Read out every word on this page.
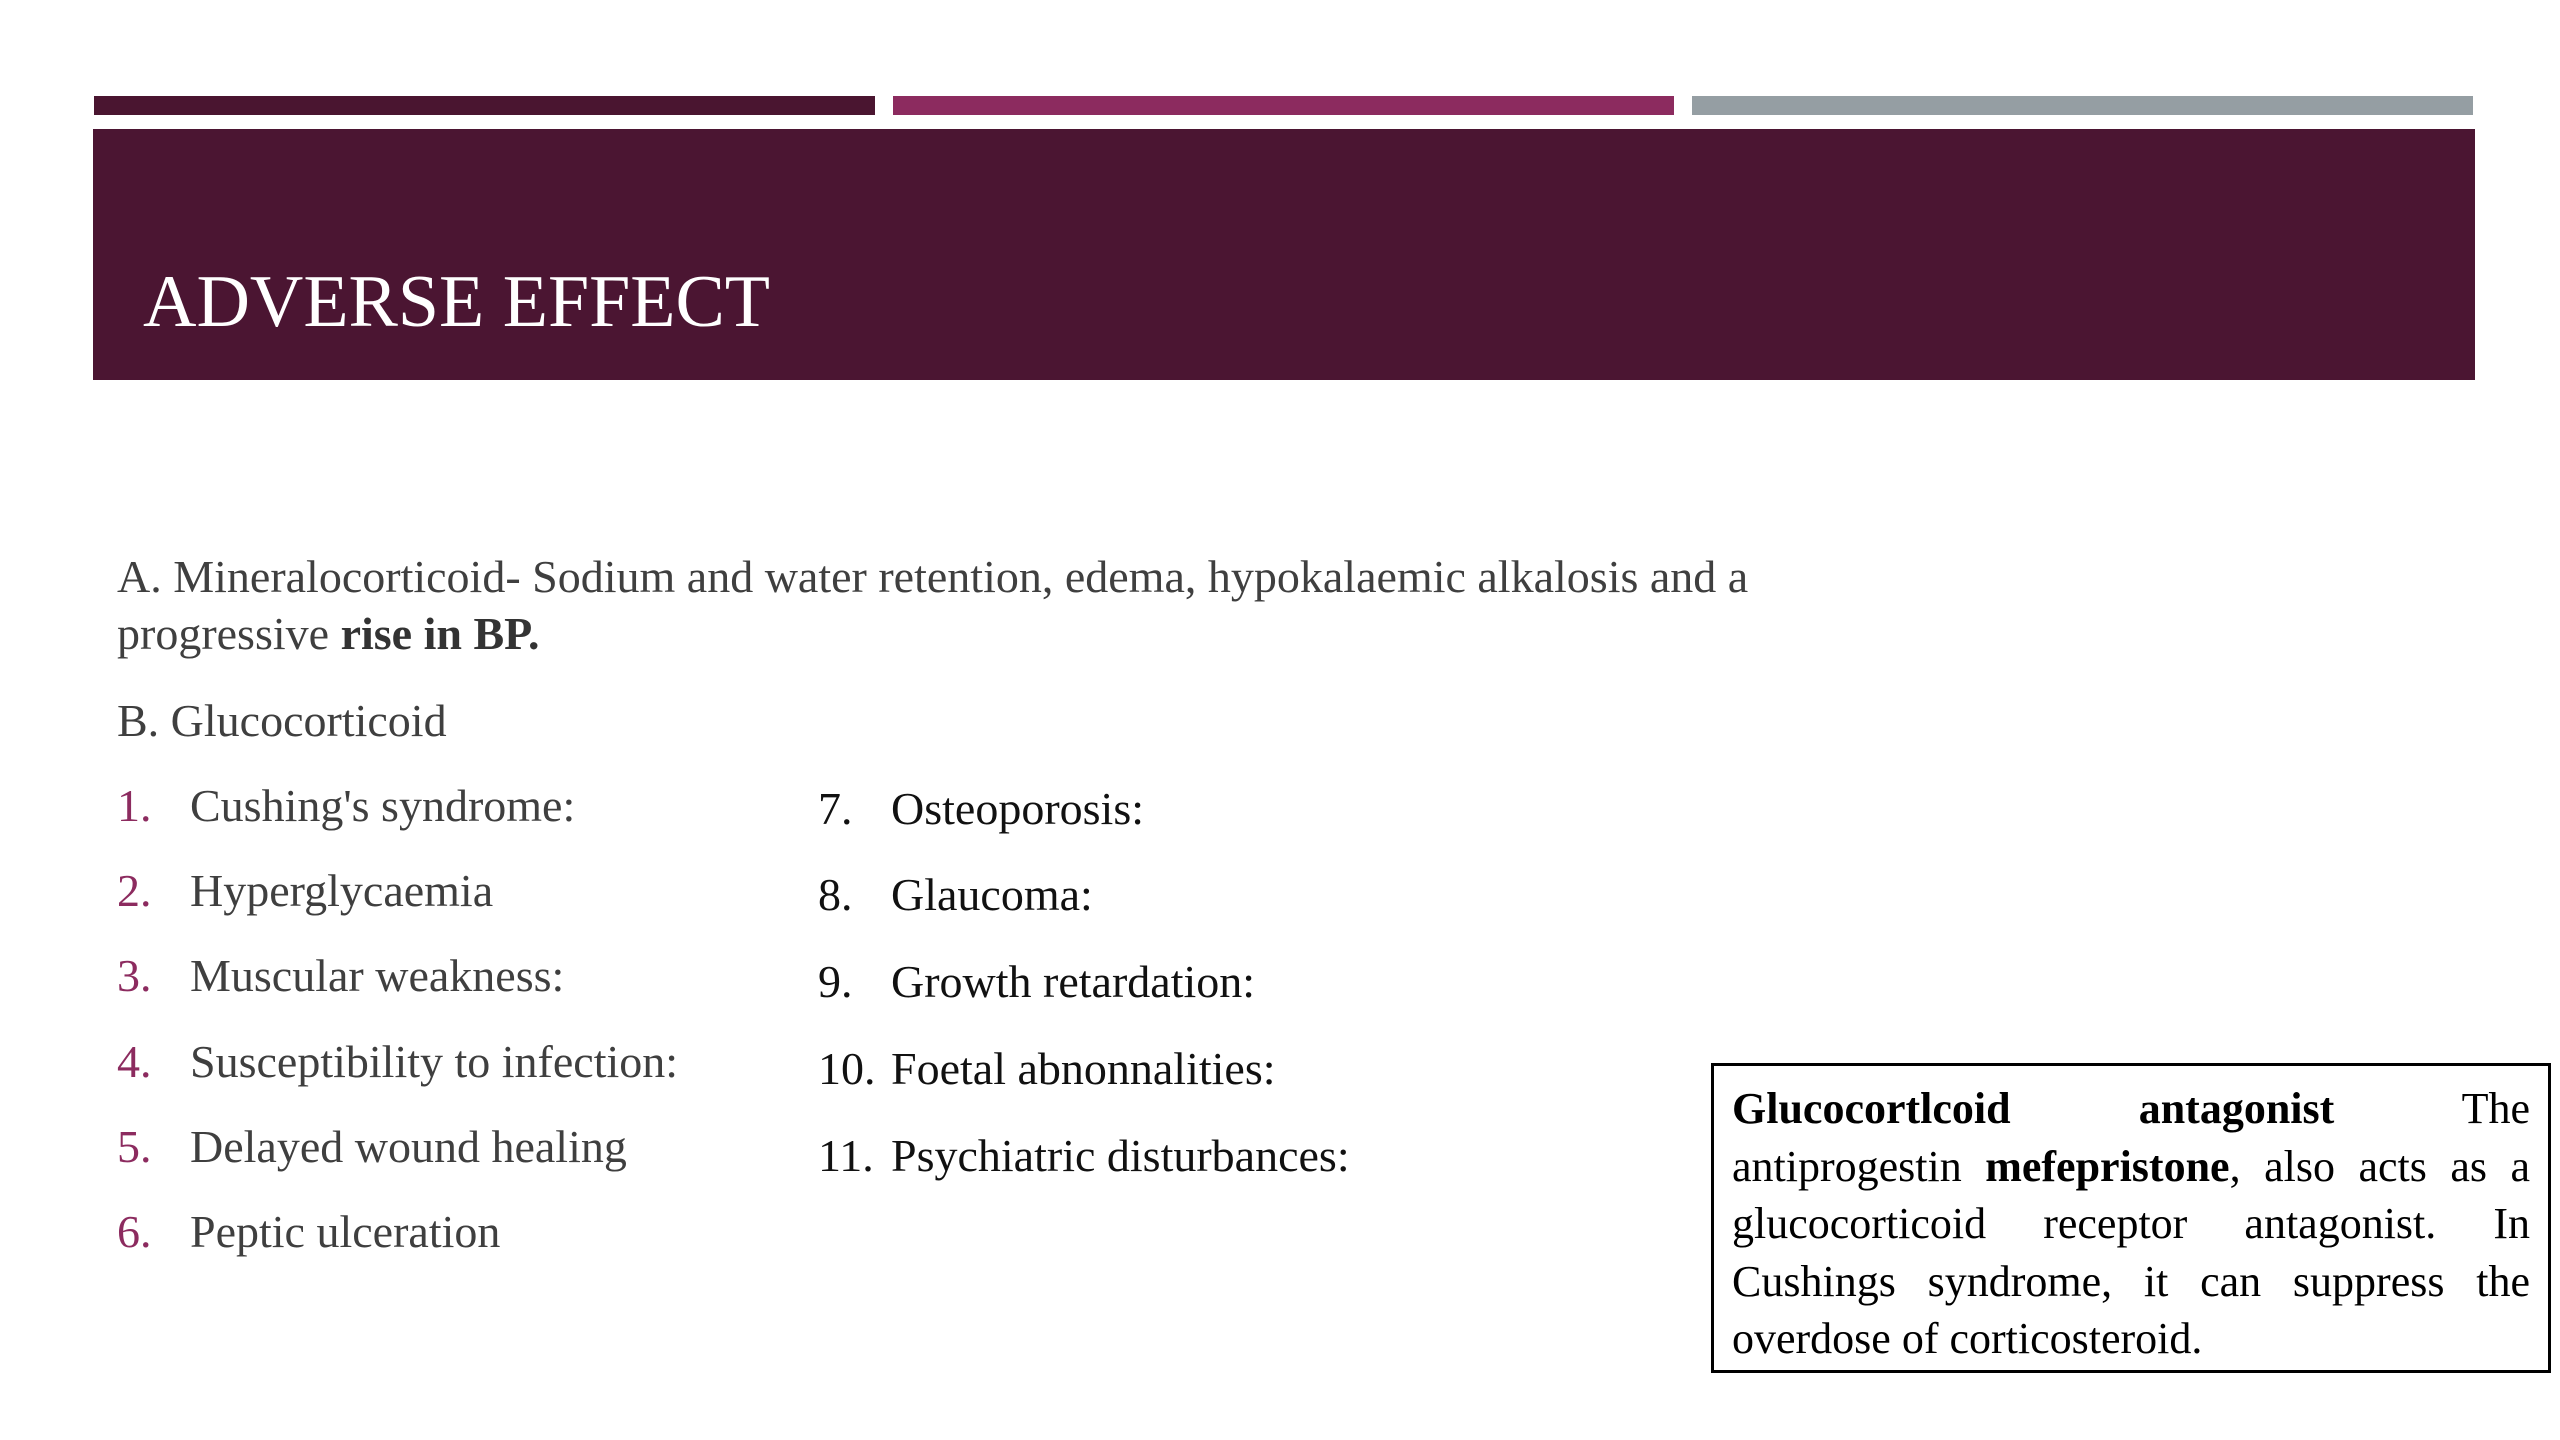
ADVERSE EFFECT
A. Mineralocorticoid- Sodium and water retention, edema, hypokalaemic alkalosis and a progressive rise in BP.
B. Glucocorticoid
1. Cushing's syndrome:
2. Hyperglycaemia
3. Muscular weakness:
4. Susceptibility to infection:
5. Delayed wound healing
6. Peptic ulceration
7. Osteoporosis:
8. Glaucoma:
9. Growth retardation:
10. Foetal abnonnalities:
11. Psychiatric disturbances:
Glucocortlcoid antagonist The antiprogestin mefepristone, also acts as a glucocorticoid receptor antagonist. In Cushings syndrome, it can suppress the overdose of corticosteroid.
